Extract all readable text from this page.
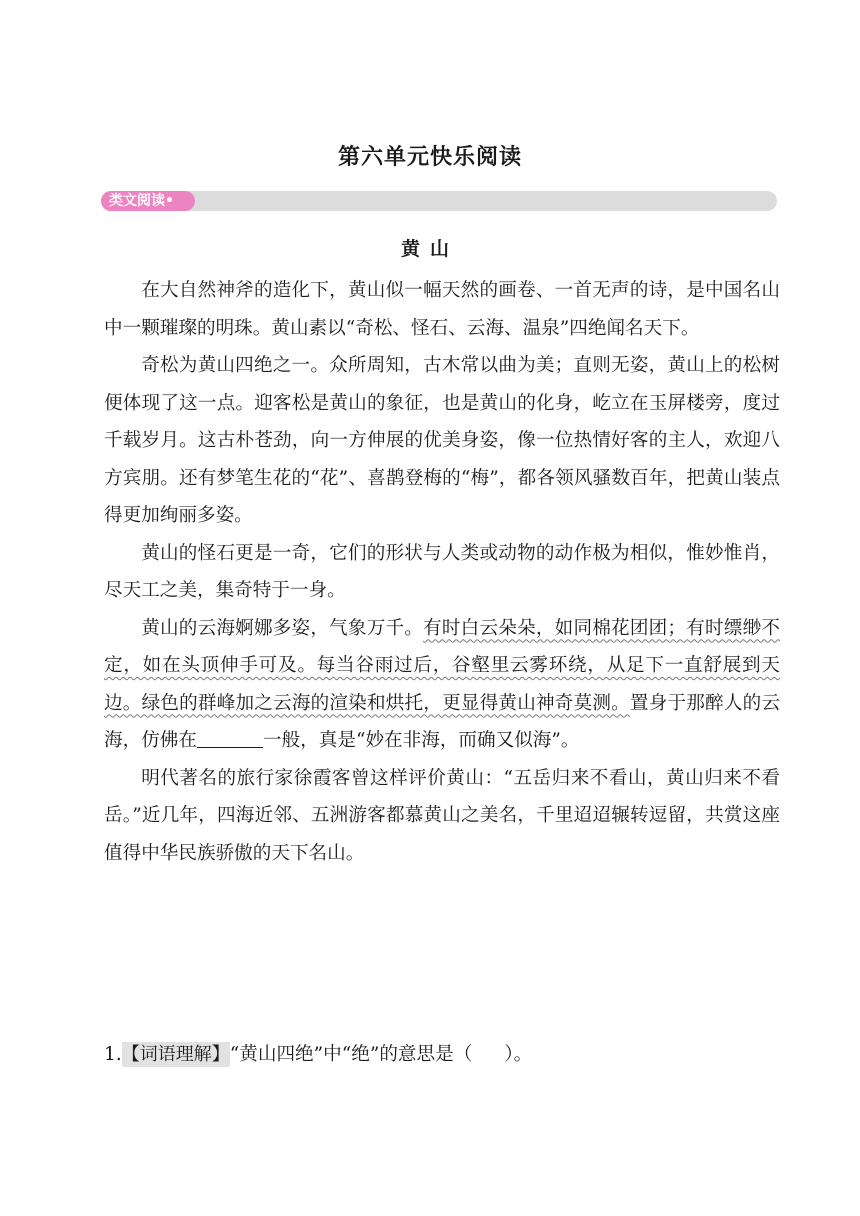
第六单元快乐阅读
类文阅读•
黄山

在大自然神斧的造化下，黄山似一幅天然的画卷、一首无声的诗，是中国名山中一颗璀璨的明珠。黄山素以“奇松、怪石、云海、温泉”四绝闻名天下。

奇松为黄山四绝之一。众所周知，古木常以曲为美；直则无姿，黄山上的松树便体现了这一点。迎客松是黄山的象征，也是黄山的化身，屹立在玉屏楼旁，度过千载岁月。这古朴苍劲，向一方伸展的优美身姿，像一位热情好客的主人，欢迎八方宾朋。还有梦笔生花的“花”、喜鹊登梅的“梅”，都各领风骚数百年，把黄山装点得更加绚丽多姿。

黄山的怪石更是一奇，它们的形状与人类或动物的动作极为相似，惟妙惟肖，尽天工之美，集奇特于一身。

黄山的云海婀娜多姿，气象万千。有时白云朵朵，如同棉花团团；有时缥缈不定，如在头顶伸手可及。每当谷雨过后，谷壑里云雾环绕，从足下一直舒展到天边。绿色的群峰加之云海的渲染和烘托，更显得黄山神奇莫测。置身于那醉人的云海，仿佛在	一般，真是“妙在非海，而确又似海”。

明代著名的旅行家徐霞客曾这样评价黄山：“五岳归来不看山，黄山归来不看岳。”近几年，四海近邻、五洲游客都慕黄山之美名，千里迢迢辗转逗留，共赏这座值得中华民族骄傲的天下名山。

1.【词语理解】“黄山四绝”中“绝”的意思是（ ）。
